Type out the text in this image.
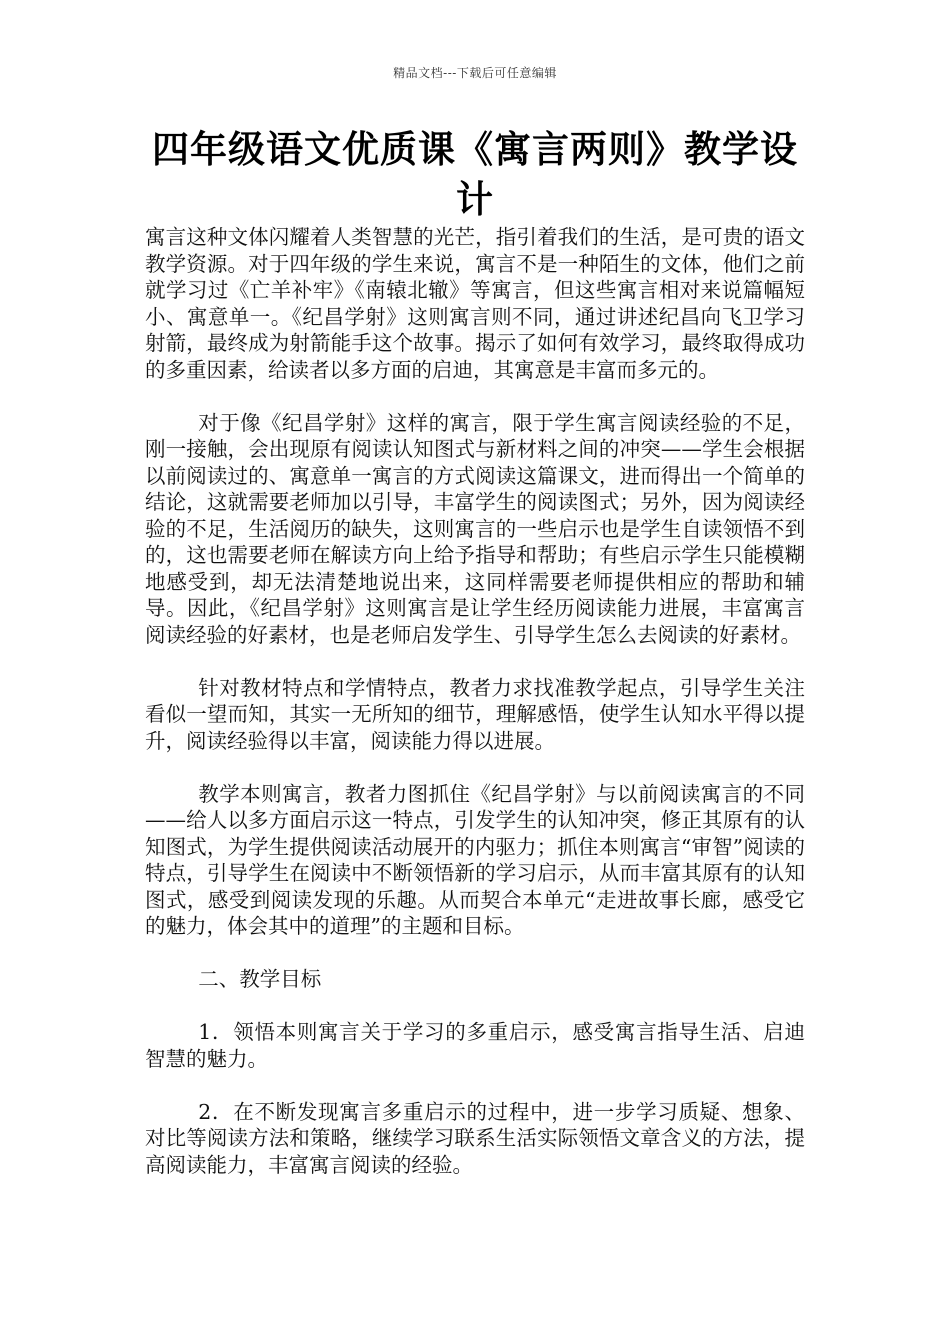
精品文档---下载后可任意编辑
四年级语文优质课《寓言两则》教学设计

寓言这种文体闪耀着人类智慧的光芒，指引着我们的生活，是可贵的语文教学资源。对于四年级的学生来说，寓言不是一种陌生的文体，他们之前就学习过《亡羊补牢》《南辕北辙》等寓言，但这些寓言相对来说篇幅短小、寓意单一。《纪昌学射》这则寓言则不同，通过讲述纪昌向飞卫学习射箭，最终成为射箭能手这个故事。揭示了如何有效学习，最终取得成功的多重因素，给读者以多方面的启迪，其寓意是丰富而多元的。

对于像《纪昌学射》这样的寓言，限于学生寓言阅读经验的不足，刚一接触，会出现原有阅读认知图式与新材料之间的冲突——学生会根据以前阅读过的、寓意单一寓言的方式阅读这篇课文，进而得出一个简单的结论，这就需要老师加以引导，丰富学生的阅读图式；另外，因为阅读经验的不足，生活阅历的缺失，这则寓言的一些启示也是学生自读领悟不到的，这也需要老师在解读方向上给予指导和帮助；有些启示学生只能模糊地感受到，却无法清楚地说出来，这同样需要老师提供相应的帮助和辅导。因此，《纪昌学射》这则寓言是让学生经历阅读能力进展，丰富寓言阅读经验的好素材，也是老师启发学生、引导学生怎么去阅读的好素材。

针对教材特点和学情特点，教者力求找准教学起点，引导学生关注看似一望而知，其实一无所知的细节，理解感悟，使学生认知水平得以提升，阅读经验得以丰富，阅读能力得以进展。

教学本则寓言，教者力图抓住《纪昌学射》与以前阅读寓言的不同——给人以多方面启示这一特点，引发学生的认知冲突，修正其原有的认知图式，为学生提供阅读活动展开的内驱力；抓住本则寓言“审智”阅读的特点，引导学生在阅读中不断领悟新的学习启示，从而丰富其原有的认知图式，感受到阅读发现的乐趣。从而契合本单元“走进故事长廊，感受它的魅力，体会其中的道理”的主题和目标。

二、教学目标

1．领悟本则寓言关于学习的多重启示，感受寓言指导生活、启迪智慧的魅力。

2．在不断发现寓言多重启示的过程中，进一步学习质疑、想象、对比等阅读方法和策略，继续学习联系生活实际领悟文章含义的方法，提高阅读能力，丰富寓言阅读的经验。
